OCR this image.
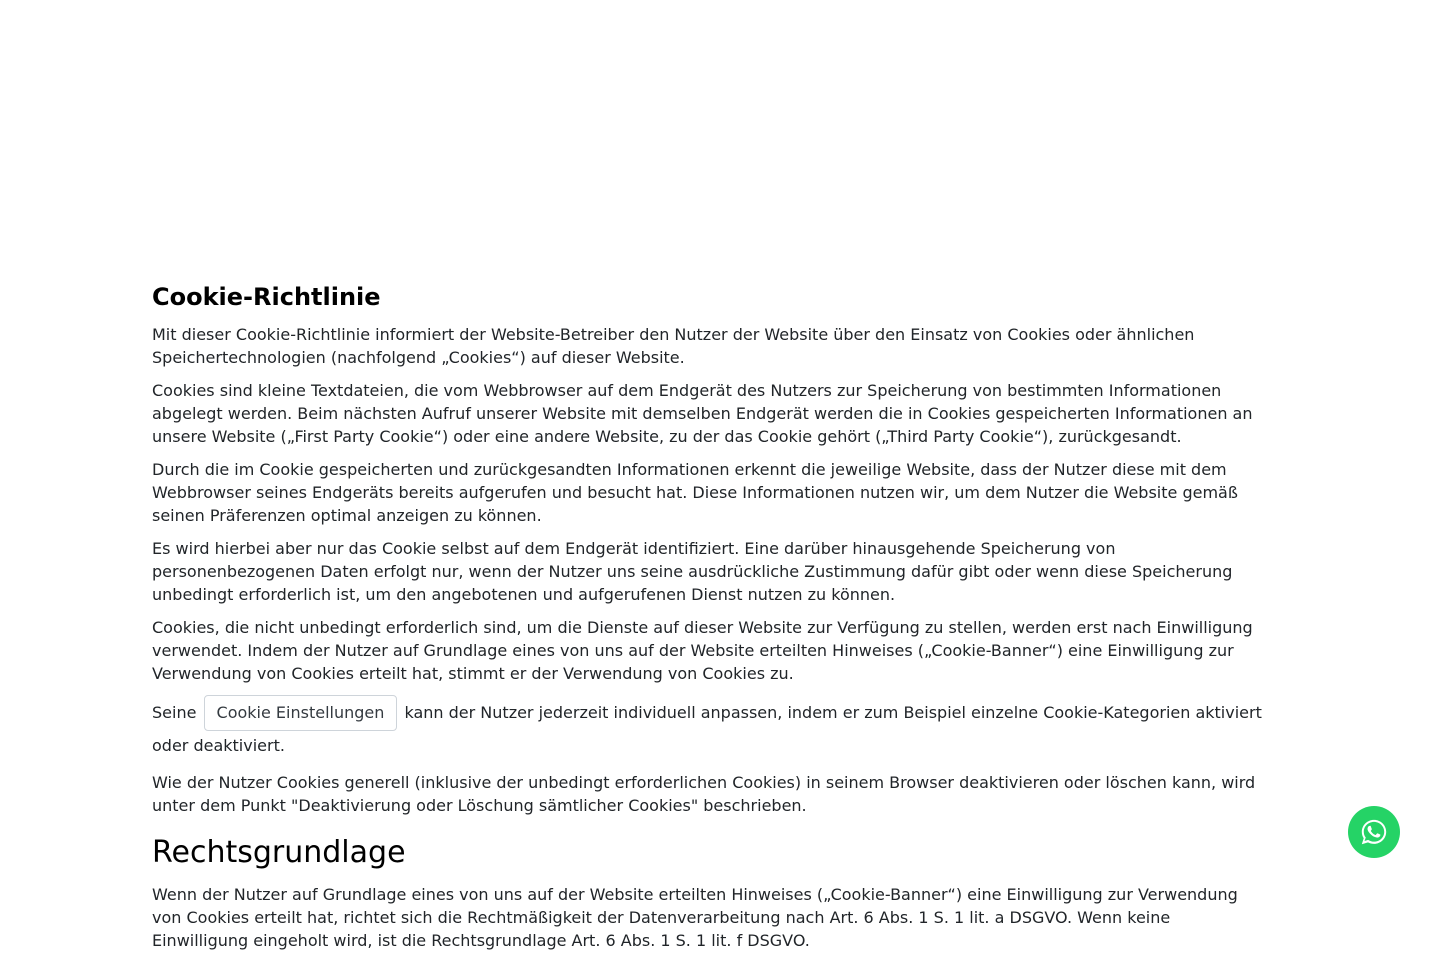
Cookie-Richtlinie

Mit dieser Cookie-Richtlinie informiert der Website-Betreiber den Nutzer der Website über den Einsatz von Cookies oder ähnlichen Speichertechnologien (nachfolgend „Cookies“) auf dieser Website.

Cookies sind kleine Textdateien, die vom Webbrowser auf dem Endgerät des Nutzers zur Speicherung von bestimmten Informationen abgelegt werden. Beim nächsten Aufruf unserer Website mit demselben Endgerät werden die in Cookies gespeicherten Informationen an unsere Website („First Party Cookie“) oder eine andere Website, zu der das Cookie gehört („Third Party Cookie“), zurückgesandt.

Durch die im Cookie gespeicherten und zurückgesandten Informationen erkennt die jeweilige Website, dass der Nutzer diese mit dem Webbrowser seines Endgeräts bereits aufgerufen und besucht hat. Diese Informationen nutzen wir, um dem Nutzer die Website gemäß seinen Präferenzen optimal anzeigen zu können.

Es wird hierbei aber nur das Cookie selbst auf dem Endgerät identifiziert. Eine darüber hinausgehende Speicherung von personenbezogenen Daten erfolgt nur, wenn der Nutzer uns seine ausdrückliche Zustimmung dafür gibt oder wenn diese Speicherung unbedingt erforderlich ist, um den angebotenen und aufgerufenen Dienst nutzen zu können.

Cookies, die nicht unbedingt erforderlich sind, um die Dienste auf dieser Website zur Verfügung zu stellen, werden erst nach Einwilligung verwendet. Indem der Nutzer auf Grundlage eines von uns auf der Website erteilten Hinweises („Cookie-Banner“) eine Einwilligung zur Verwendung von Cookies erteilt hat, stimmt er der Verwendung von Cookies zu.

Seine Cookie Einstellungen kann der Nutzer jederzeit individuell anpassen, indem er zum Beispiel einzelne Cookie-Kategorien aktiviert oder deaktiviert.

Wie der Nutzer Cookies generell (inklusive der unbedingt erforderlichen Cookies) in seinem Browser deaktivieren oder löschen kann, wird unter dem Punkt "Deaktivierung oder Löschung sämtlicher Cookies" beschrieben.

Rechtsgrundlage

Wenn der Nutzer auf Grundlage eines von uns auf der Website erteilten Hinweises („Cookie-Banner“) eine Einwilligung zur Verwendung von Cookies erteilt hat, richtet sich die Rechtmäßigkeit der Datenverarbeitung nach Art. 6 Abs. 1 S. 1 lit. a DSGVO. Wenn keine Einwilligung eingeholt wird, ist die Rechtsgrundlage Art. 6 Abs. 1 S. 1 lit. f DSGVO.
